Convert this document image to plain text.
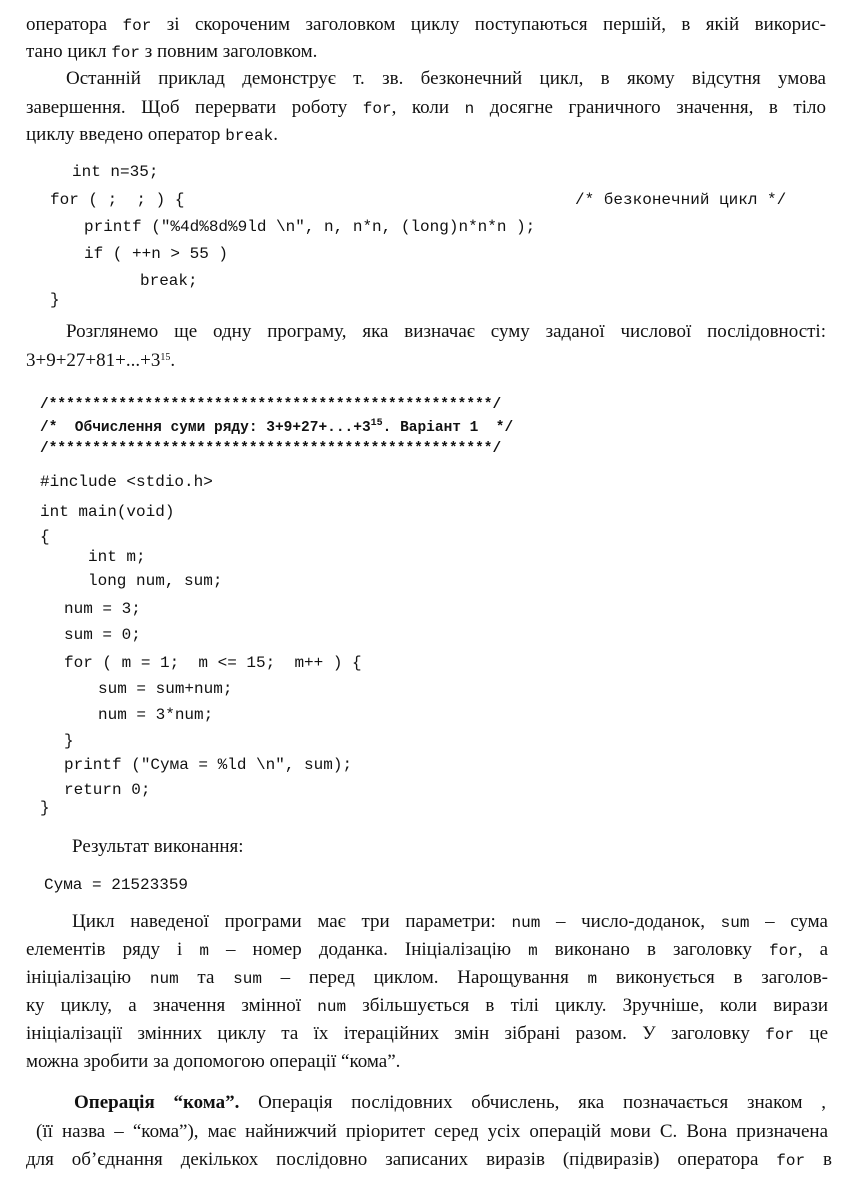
оператора for зі скороченим заголовком циклу поступаються першій, в якій викорис-
тано цикл for з повним заголовком.
Останній приклад демонструє т. зв. безконечний цикл, в якому відсутня умова
завершення. Щоб перервати роботу for, коли n досягне граничного значення, в тіло
циклу введено оператор break.
int n=35;
for ( ;  ; ) {	/* безконечний цикл */
printf ("%4d%8d%9ld \n", n, n*n, (long)n*n*n );
if ( ++n > 55 )
break;
}
Розглянемо ще одну програму, яка визначає суму заданої числової послідовності:
$3+9+27+81+...+3^{15}$.
/***************************************************/
/*  Обчислення суми ряду: $3+9+27+...+3^{15}$. Варіант 1  */
/***************************************************/
#include <stdio.h>
int main(void)
{
int m;
long num, sum;
num = 3;
sum = 0;
for ( m = 1;  m <= 15;  m++ ) {
sum = sum+num;
num = 3*num;
}
printf ("Сума = %ld \n", sum);
return 0;
}
Результат виконання:
Сума = 21523359
Цикл наведеної програми має три параметри: num – число-доданок, sum – сума
елементів ряду і m – номер доданка. Ініціалізацію m виконано в заголовку for, а
ініціалізацію num та sum – перед циклом. Нарощування m виконується в заголов-
ку циклу, а значення змінної num збільшується в тілі циклу. Зручніше, коли вирази
ініціалізації змінних циклу та їх ітераційних змін зібрані разом. У заголовку for це
можна зробити за допомогою операції “кома”.
Операція “кома”. Операція послідовних обчислень, яка позначається знаком ,
(її назва – “кома”), має найнижчий пріоритет серед усіх операцій мови С. Вона призначена
для об’єднання декількох послідовно записаних виразів (підвиразів) оператора for в
